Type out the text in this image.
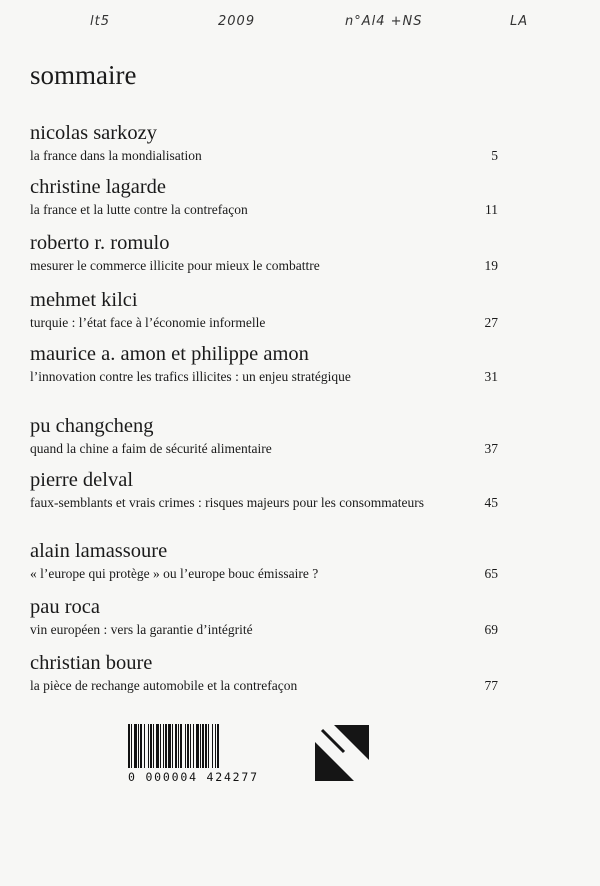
lt5	2009	n°Al4 +NS	LA
sommaire
nicolas sarkozy
la france dans la mondialisation	5
christine lagarde
la france et la lutte contre la contrefaçon	11
roberto r. romulo
mesurer le commerce illicite pour mieux le combattre	19
mehmet kilci
turquie : l’état face à l’économie informelle	27
maurice a. amon et philippe amon
l’innovation contre les trafics illicites : un enjeu stratégique	31
pu changcheng
quand la chine a faim de sécurité alimentaire	37
pierre delval
faux-semblants et vrais crimes : risques majeurs pour les consommateurs	45
alain lamassoure
« l’europe qui protège » ou l’europe bouc émissaire ?	65
pau roca
vin européen : vers la garantie d’intégrité	69
christian boure
la pièce de rechange automobile et la contrefaçon	77
0 000004 424277
